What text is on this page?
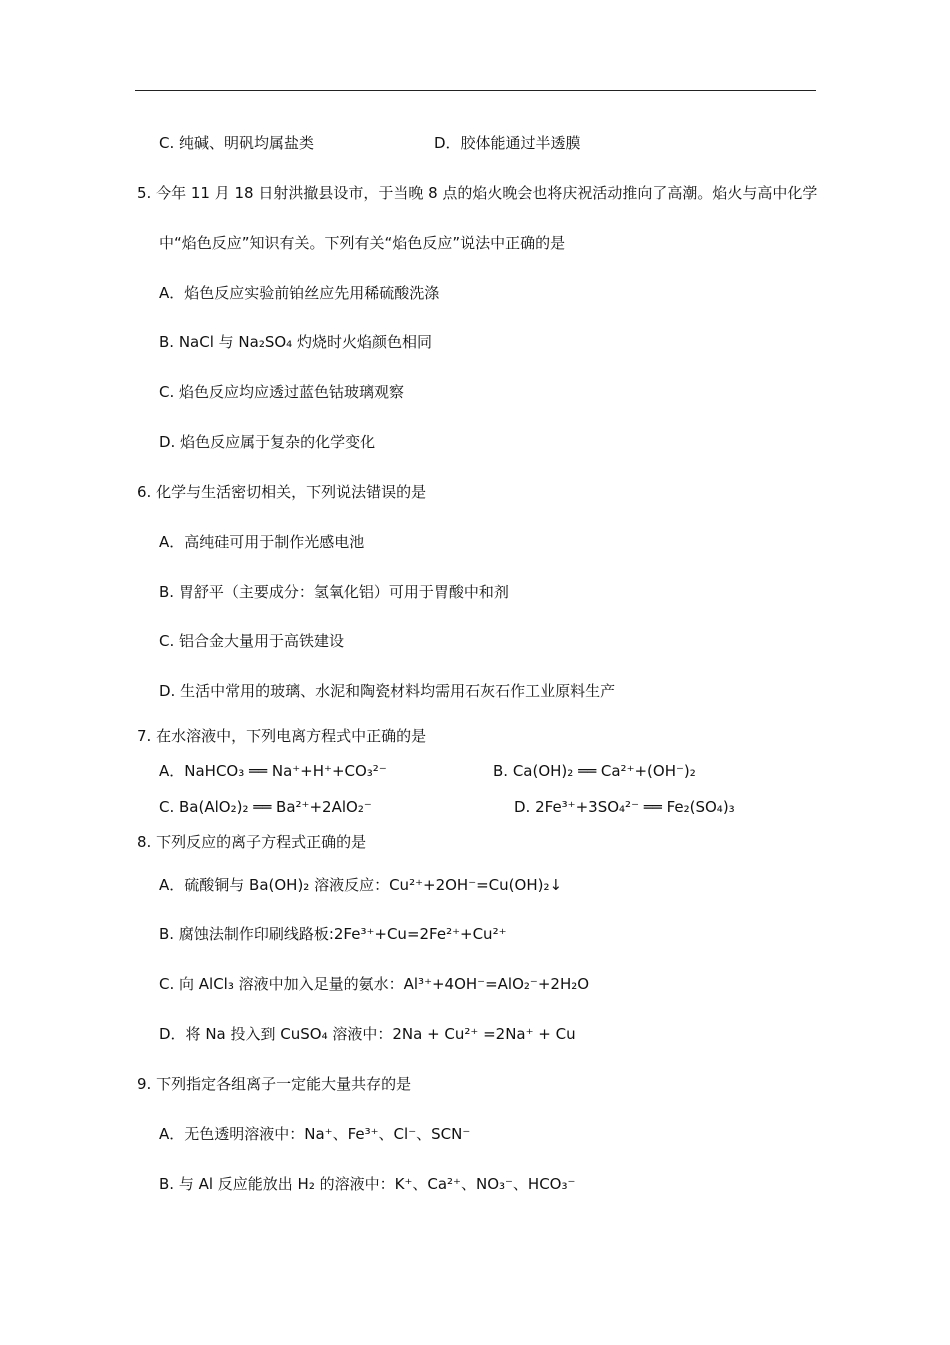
C. 纯碱、明矾均属盐类	D．胶体能通过半透膜
5. 今年 11 月 18 日射洪撤县设市，于当晚 8 点的焰火晚会也将庆祝活动推向了高潮。焰火与高中化学
中“焰色反应”知识有关。下列有关“焰色反应”说法中正确的是
A．焰色反应实验前铂丝应先用稀硫酸洗涤
B. NaCl 与 Na₂SO₄ 灼烧时火焰颜色相同
C. 焰色反应均应透过蓝色钴玻璃观察
D. 焰色反应属于复杂的化学变化
6. 化学与生活密切相关，下列说法错误的是
A．高纯硅可用于制作光感电池
B. 胃舒平（主要成分：氢氧化铝）可用于胃酸中和剂
C. 铝合金大量用于高铁建设
D. 生活中常用的玻璃、水泥和陶瓷材料均需用石灰石作工业原料生产
7. 在水溶液中，下列电离方程式中正确的是
A．NaHCO₃ ══ Na⁺+H⁺+CO₃²⁻	B. Ca(OH)₂ ══ Ca²⁺+(OH⁻)₂
C. Ba(AlO₂)₂ ══ Ba²⁺+2AlO₂⁻	D. 2Fe³⁺+3SO₄²⁻ ══ Fe₂(SO₄)₃
8. 下列反应的离子方程式正确的是
A．硫酸铜与 Ba(OH)₂ 溶液反应：Cu²⁺+2OH⁻=Cu(OH)₂↓
B. 腐蚀法制作印刷线路板:2Fe³⁺+Cu=2Fe²⁺+Cu²⁺
C. 向 AlCl₃ 溶液中加入足量的氨水：Al³⁺+4OH⁻=AlO₂⁻+2H₂O
D．将 Na 投入到 CuSO₄ 溶液中：2Na + Cu²⁺ =2Na⁺ + Cu
9. 下列指定各组离子一定能大量共存的是
A．无色透明溶液中：Na⁺、Fe³⁺、Cl⁻、SCN⁻
B. 与 Al 反应能放出 H₂ 的溶液中：K⁺、Ca²⁺、NO₃⁻、HCO₃⁻
